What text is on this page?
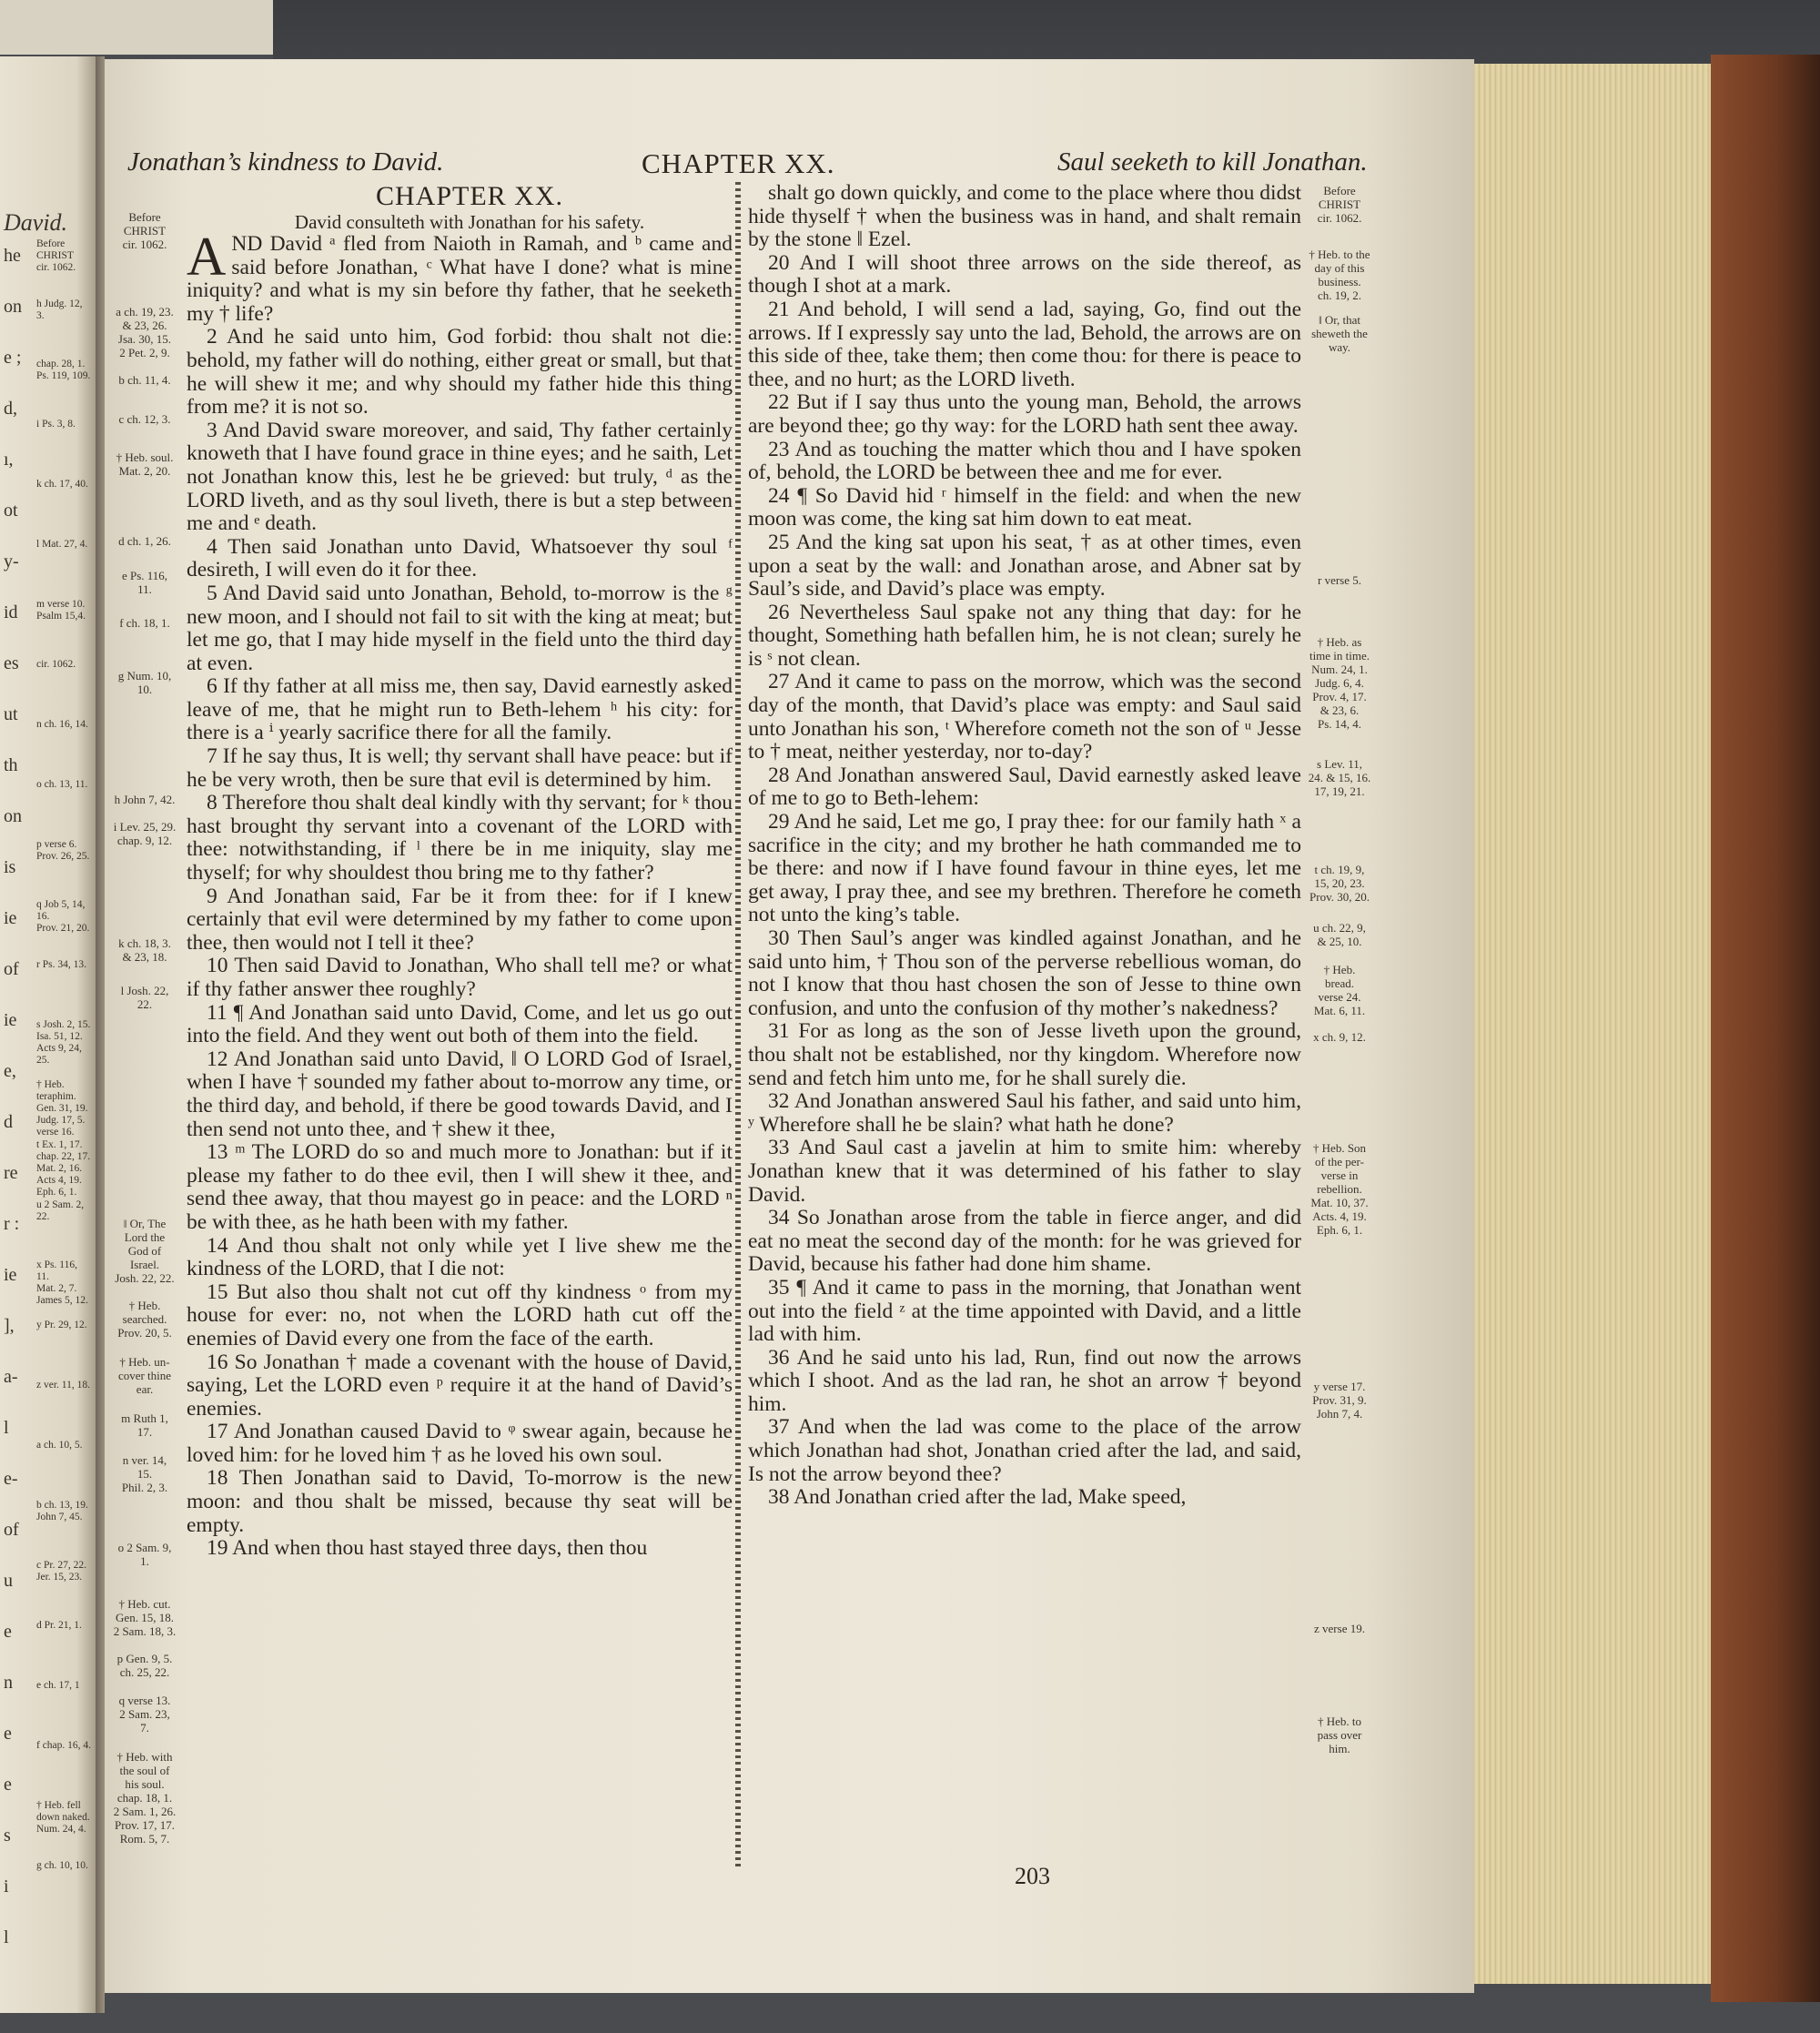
David.
he
on
e ;
d,
ı,
ot
y-
id
es
ut
th
on
is
ie
of
ie
e,
d
re
r :
ie
],
a-
l
e-
of
u
e
n
e
e
s
i
l
Before
CHRIST
cir. 1062.
h Judg. 12,
3.
chap. 28, 1.
Ps. 119, 109.
i Ps. 3, 8.
k ch. 17, 40.
l Mat. 27, 4.
m verse 10.
Psalm 15,4.
cir. 1062.
n ch. 16, 14.
o ch. 13, 11.
p verse 6.
Prov. 26, 25.
q Job 5, 14,
16.
Prov. 21, 20.
r Ps. 34, 13.
s Josh. 2, 15.
Isa. 51, 12.
Acts 9, 24,
25.
† Heb.
teraphim.
Gen. 31, 19.
Judg. 17, 5.
verse 16.
t Ex. 1, 17.
chap. 22, 17.
Mat. 2, 16.
Acts 4, 19.
Eph. 6, 1.
u 2 Sam. 2,
22.
x Ps. 116,
11.
Mat. 2, 7.
James 5, 12.
y Pr. 29, 12.
z ver. 11, 18.
a ch. 10, 5.
b ch. 13, 19.
John 7, 45.
c Pr. 27, 22.
Jer. 15, 23.
d Pr. 21, 1.
e ch. 17, 1
f chap. 16, 4.
† Heb. fell
down naked.
Num. 24, 4.
g ch. 10, 10.
Jonathan’s kindness to David.	CHAPTER XX.	Saul seeketh to kill Jonathan.
Before
CHRIST
cir. 1062.
a ch. 19, 23.
& 23, 26.
Jsa. 30, 15.
2 Pet. 2, 9.
b ch. 11, 4.
c ch. 12, 3.
† Heb. soul.
Mat. 2, 20.
d ch. 1, 26.
e Ps. 116,
11.
f ch. 18, 1.
g Num. 10,
10.
h John 7, 42.
i Lev. 25, 29.
chap. 9, 12.
k ch. 18, 3.
& 23, 18.
l Josh. 22,
22.
‖ Or, The
Lord the
God of
Israel.
Josh. 22, 22.
† Heb.
searched.
Prov. 20, 5.
† Heb. un-
cover thine
ear.
m Ruth 1,
17.
n ver. 14,
15.
Phil. 2, 3.
o 2 Sam. 9,
1.
† Heb. cut.
Gen. 15, 18.
2 Sam. 18, 3.
p Gen. 9, 5.
ch. 25, 22.
q verse 13.
2 Sam. 23,
7.
† Heb. with
the soul of
his soul.
chap. 18, 1.
2 Sam. 1, 26.
Prov. 17, 17.
Rom. 5, 7.
Before
CHRIST
cir. 1062.
† Heb. to the
day of this
business.
ch. 19, 2.
‖ Or, that
sheweth the
way.
r verse 5.
† Heb. as
time in time.
Num. 24, 1.
Judg. 6, 4.
Prov. 4, 17.
& 23, 6.
Ps. 14, 4.
s Lev. 11,
24. & 15, 16.
17, 19, 21.
t ch. 19, 9,
15, 20, 23.
Prov. 30, 20.
u ch. 22, 9,
& 25, 10.
† Heb.
bread.
verse 24.
Mat. 6, 11.
x ch. 9, 12.
† Heb. Son
of the per-
verse in
rebellion.
Mat. 10, 37.
Acts. 4, 19.
Eph. 6, 1.
y verse 17.
Prov. 31, 9.
John 7, 4.
z verse 19.
† Heb. to
pass over
him.

CHAPTER XX.

David consulteth with Jonathan for his safety.

AND David ᵃ fled from Naioth in Ramah, and ᵇ came and said before Jonathan, ᶜ What have I done? what is mine iniquity? and what is my sin before thy father, that he seeketh my † life?

2 And he said unto him, God forbid: thou shalt not die: behold, my father will do nothing, either great or small, but that he will shew it me; and why should my father hide this thing from me? it is not so.

3 And David sware moreover, and said, Thy father certainly knoweth that I have found grace in thine eyes; and he saith, Let not Jonathan know this, lest he be grieved: but truly, ᵈ as the LORD liveth, and as thy soul liveth, there is but a step between me and ᵉ death.

4 Then said Jonathan unto David, Whatsoever thy soul ᶠ desireth, I will even do it for thee.

5 And David said unto Jonathan, Behold, to-morrow is the ᵍ new moon, and I should not fail to sit with the king at meat; but let me go, that I may hide myself in the field unto the third day at even.

6 If thy father at all miss me, then say, David earnestly asked leave of me, that he might run to Beth-lehem ʰ his city: for there is a ⁱ yearly sacrifice there for all the family.

7 If he say thus, It is well; thy servant shall have peace: but if he be very wroth, then be sure that evil is determined by him.

8 Therefore thou shalt deal kindly with thy servant; for ᵏ thou hast brought thy servant into a covenant of the LORD with thee: notwithstanding, if ˡ there be in me iniquity, slay me thyself; for why shouldest thou bring me to thy father?

9 And Jonathan said, Far be it from thee: for if I knew certainly that evil were determined by my father to come upon thee, then would not I tell it thee?

10 Then said David to Jonathan, Who shall tell me? or what if thy father answer thee roughly?

11 ¶ And Jonathan said unto David, Come, and let us go out into the field. And they went out both of them into the field.

12 And Jonathan said unto David, ‖ O LORD God of Israel, when I have † sounded my father about to-morrow any time, or the third day, and behold, if there be good towards David, and I then send not unto thee, and † shew it thee,

13 ᵐ The LORD do so and much more to Jonathan: but if it please my father to do thee evil, then I will shew it thee, and send thee away, that thou mayest go in peace: and the LORD ⁿ be with thee, as he hath been with my father.

14 And thou shalt not only while yet I live shew me the kindness of the LORD, that I die not:

15 But also thou shalt not cut off thy kindness ᵒ from my house for ever: no, not when the LORD hath cut off the enemies of David every one from the face of the earth.

16 So Jonathan † made a covenant with the house of David, saying, Let the LORD even ᵖ require it at the hand of David’s enemies.

17 And Jonathan caused David to ᵠ swear again, because he loved him: for he loved him † as he loved his own soul.

18 Then Jonathan said to David, To-morrow is the new moon: and thou shalt be missed, because thy seat will be empty.

19 And when thou hast stayed three days, then thou

shalt go down quickly, and come to the place where thou didst hide thyself † when the business was in hand, and shalt remain by the stone ‖ Ezel.

20 And I will shoot three arrows on the side thereof, as though I shot at a mark.

21 And behold, I will send a lad, saying, Go, find out the arrows. If I expressly say unto the lad, Behold, the arrows are on this side of thee, take them; then come thou: for there is peace to thee, and no hurt; as the LORD liveth.

22 But if I say thus unto the young man, Behold, the arrows are beyond thee; go thy way: for the LORD hath sent thee away.

23 And as touching the matter which thou and I have spoken of, behold, the LORD be between thee and me for ever.

24 ¶ So David hid ʳ himself in the field: and when the new moon was come, the king sat him down to eat meat.

25 And the king sat upon his seat, † as at other times, even upon a seat by the wall: and Jonathan arose, and Abner sat by Saul’s side, and David’s place was empty.

26 Nevertheless Saul spake not any thing that day: for he thought, Something hath befallen him, he is not clean; surely he is ˢ not clean.

27 And it came to pass on the morrow, which was the second day of the month, that David’s place was empty: and Saul said unto Jonathan his son, ᵗ Wherefore cometh not the son of ᵘ Jesse to † meat, neither yesterday, nor to-day?

28 And Jonathan answered Saul, David earnestly asked leave of me to go to Beth-lehem:

29 And he said, Let me go, I pray thee: for our family hath ˣ a sacrifice in the city; and my brother he hath commanded me to be there: and now if I have found favour in thine eyes, let me get away, I pray thee, and see my brethren. Therefore he cometh not unto the king’s table.

30 Then Saul’s anger was kindled against Jonathan, and he said unto him, † Thou son of the perverse rebellious woman, do not I know that thou hast chosen the son of Jesse to thine own confusion, and unto the confusion of thy mother’s nakedness?

31 For as long as the son of Jesse liveth upon the ground, thou shalt not be established, nor thy kingdom. Wherefore now send and fetch him unto me, for he shall surely die.

32 And Jonathan answered Saul his father, and said unto him, ʸ Wherefore shall he be slain? what hath he done?

33 And Saul cast a javelin at him to smite him: whereby Jonathan knew that it was determined of his father to slay David.

34 So Jonathan arose from the table in fierce anger, and did eat no meat the second day of the month: for he was grieved for David, because his father had done him shame.

35 ¶ And it came to pass in the morning, that Jonathan went out into the field ᶻ at the time appointed with David, and a little lad with him.

36 And he said unto his lad, Run, find out now the arrows which I shoot. And as the lad ran, he shot an arrow † beyond him.

37 And when the lad was come to the place of the arrow which Jonathan had shot, Jonathan cried after the lad, and said, Is not the arrow beyond thee?

38 And Jonathan cried after the lad, Make speed,

203
